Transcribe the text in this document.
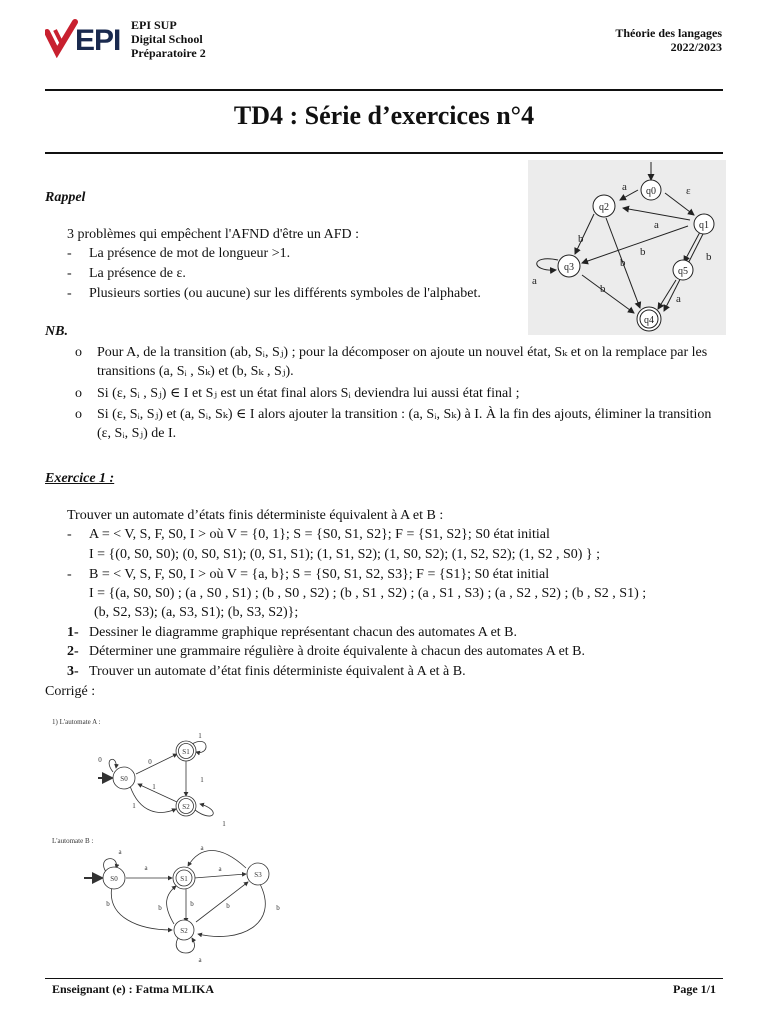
EPI EPI SUP
Digital School
Préparatoire 2
Théorie des langages
2022/2023
TD4 : Série d’exercices n°4
q0
q1
q2
q3
q4
q5
a	ε
a
b
b
b	b
a
b
a
Rappel
3 problèmes qui empêchent l'AFND d'être un AFD :
- La présence de mot de longueur >1.
- La présence de ε.
- Plusieurs sorties (ou aucune) sur les différents symboles de l'alphabet.
NB.
o	Pour A, de la transition (ab, Sᵢ, Sⱼ) ; pour la décomposer on ajoute un nouvel état, Sₖ et on la remplace par les transitions (a, Sᵢ , Sₖ) et (b, Sₖ , Sⱼ).
o	Si (ε, Sᵢ , Sⱼ) ∈ I et Sⱼ est un état final alors Sᵢ deviendra lui aussi état final ;
o	Si (ε, Sᵢ, Sⱼ) et (a, Sᵢ, Sₖ) ∈ I alors ajouter la transition : (a, Sᵢ, Sₖ) à I. À la fin des ajouts, éliminer la transition (ε, Sᵢ, Sⱼ) de I.
Exercice 1 :
Trouver un automate d’états finis déterministe équivalent à A et B :
- A = < V, S, F, S0, I > où V = {0, 1}; S = {S0, S1, S2}; F = {S1, S2}; S0 état initial
I = {(0, S0, S0); (0, S0, S1); (0, S1, S1); (1, S1, S2); (1, S0, S2); (1, S2, S2); (1, S2 , S0) } ;
- B = < V, S, F, S0, I > où V = {a, b}; S = {S0, S1, S2, S3}; F = {S1}; S0 état initial
I = {(a, S0, S0) ; (a , S0 , S1) ; (b , S0 , S2) ; (b , S1 , S2) ; (a , S1 , S3) ; (a , S2 , S2) ; (b , S2 , S1) ;
(b, S2, S3); (a, S3, S1); (b, S3, S2)};
1- Dessiner le diagramme graphique représentant chacun des automates A et B.
2- Déterminer une grammaire régulière à droite équivalente à chacun des automates A et B.
3- Trouver un automate d’état finis déterministe équivalent à A et à B.
Corrigé :
1) L'automate A :
S0
S1
S2
0	0
1
1
1
1
1
L'automate B :
S0	S1
S2
S3
a
a	a
a
b	b	b
b	b
a
Enseignant (e) : Fatma MLIKA	Page 1/1
